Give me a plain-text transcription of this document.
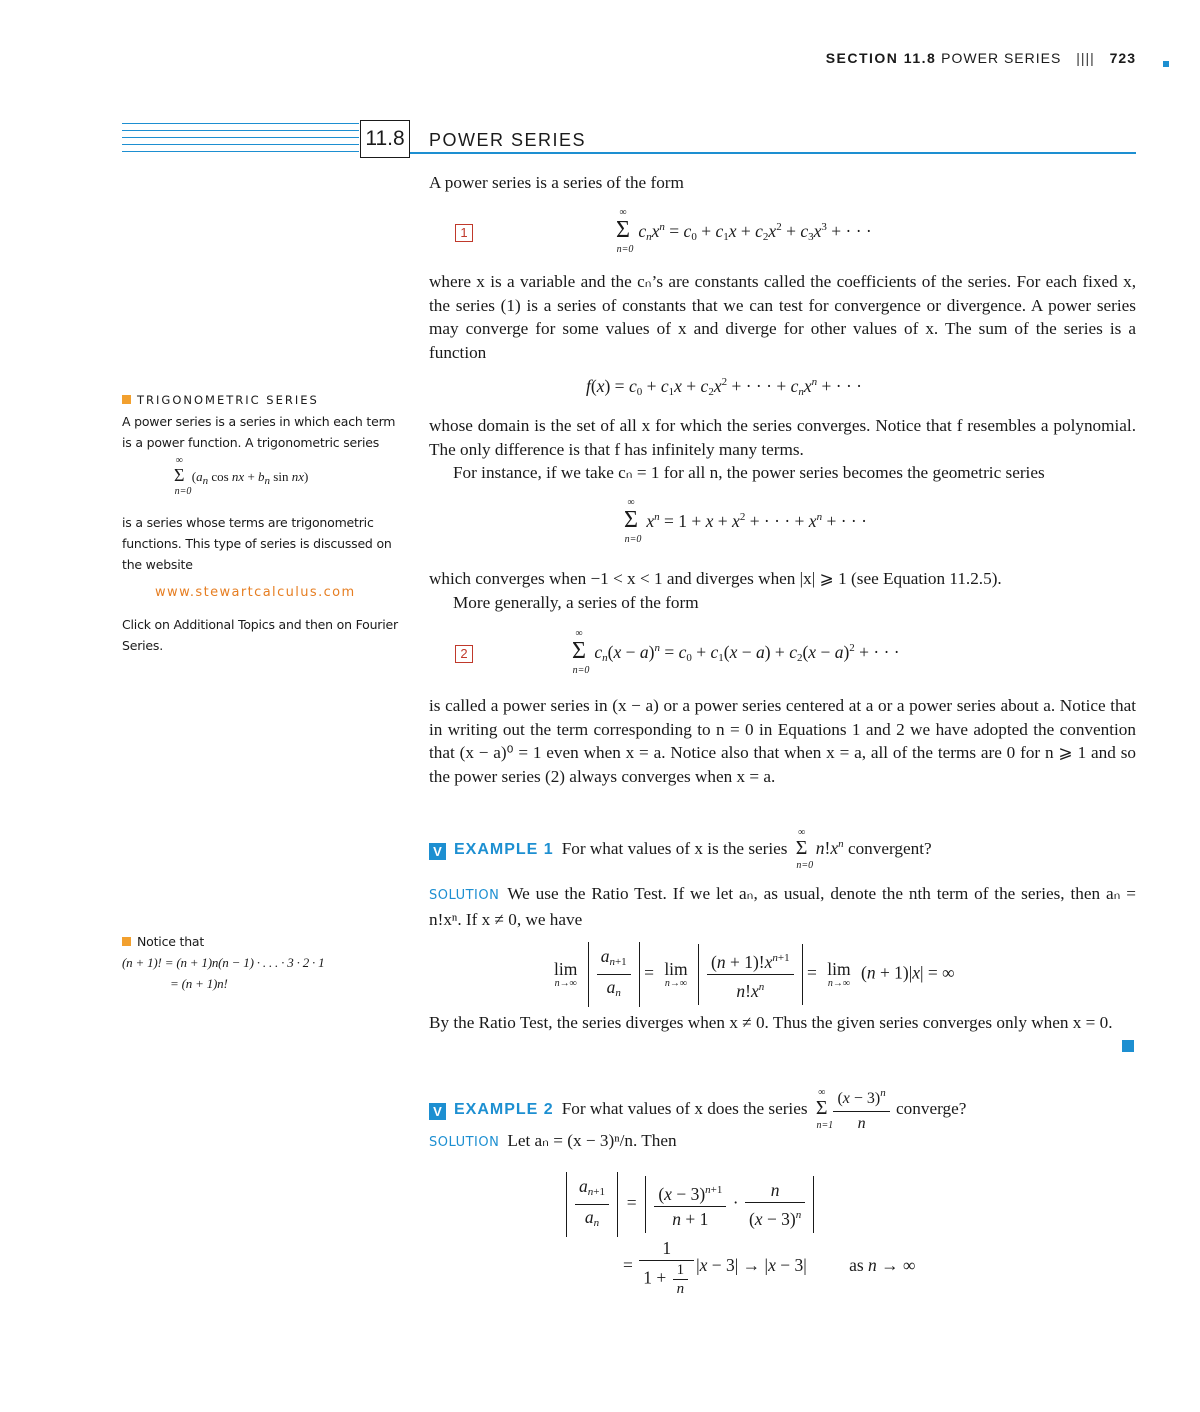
SECTION 11.8 POWER SERIES |||| 723
11.8 POWER SERIES
A power series is a series of the form
1	Σ
∞
n=0
$c_nx^n = c_0 + c_1x + c_2x^2 + c_3x^3$ + · · ·
where x is a variable and the cₙ’s are constants called the coefficients of the series. For each fixed x, the series (1) is a series of constants that we can test for convergence or divergence. A power series may converge for some values of x and diverge for other values of x. The sum of the series is a function
$f(x) = c_0 + c_1x + c_2x^2$ + · · · + $c_nx^n$ + · · ·
whose domain is the set of all x for which the series converges. Notice that f resembles a polynomial. The only difference is that f has infinitely many terms.
For instance, if we take cₙ = 1 for all n, the power series becomes the geometric series
Σ
∞
n=0
$x^n = 1 + x + x^2$ + · · · + $x^n$ + · · ·
which converges when −1 < x < 1 and diverges when |x| ⩾ 1 (see Equation 11.2.5).
More generally, a series of the form
2	Σ
∞
n=0
$c_n(x - a)^n = c_0 + c_1(x - a) + c_2(x - a)^2$ + · · ·
is called a power series in (x − a) or a power series centered at a or a power series about a. Notice that in writing out the term corresponding to n = 0 in Equations 1 and 2 we have adopted the convention that (x − a)⁰ = 1 even when x = a. Notice also that when x = a, all of the terms are 0 for n ⩾ 1 and so the power series (2) always converges when x = a.
V EXAMPLE 1 For what values of x is the series Σ
∞
n=0
$n!x^n$ convergent?
SOLUTION We use the Ratio Test. If we let aₙ, as usual, denote the nth term of the series, then aₙ = n!xⁿ. If x ≠ 0, we have
lim
n→∞
$\frac{a_{n+1}}{a_n} = \lim$
n→∞
$\frac{(n + 1)!x^{n+1}}{n!x^n} = \lim$
n→∞
(n + 1)|x| = ∞
By the Ratio Test, the series diverges when x ≠ 0. Thus the given series converges only when x = 0.
V EXAMPLE 2 For what values of x does the series Σ
∞
$n=1 \frac{(x - 3)^n}{n}$ converge?
SOLUTION Let aₙ = (x − 3)ⁿ/n. Then
$\frac{a_{n+1}}{a_n} = \frac{(x - 3)^{n+1}}{n + 1} \cdot \frac{n}{(x - 3)^n}$
= $\frac{1}{1 + \frac{1}{n}} |x - 3| \to |x - 3|$ as n → ∞
TRIGONOMETRIC SERIES
A power series is a series in which each term is a power function. A trigonometric series
Σ
∞
n=0
($a_n$ cos nx + $b_n$ sin nx)
is a series whose terms are trigonometric functions. This type of series is discussed on the website
www.stewartcalculus.com
Click on Additional Topics and then on Fourier Series.
Notice that
(n + 1)! = (n + 1)n(n − 1) · . . . · 3 · 2 · 1
= (n + 1)n!
